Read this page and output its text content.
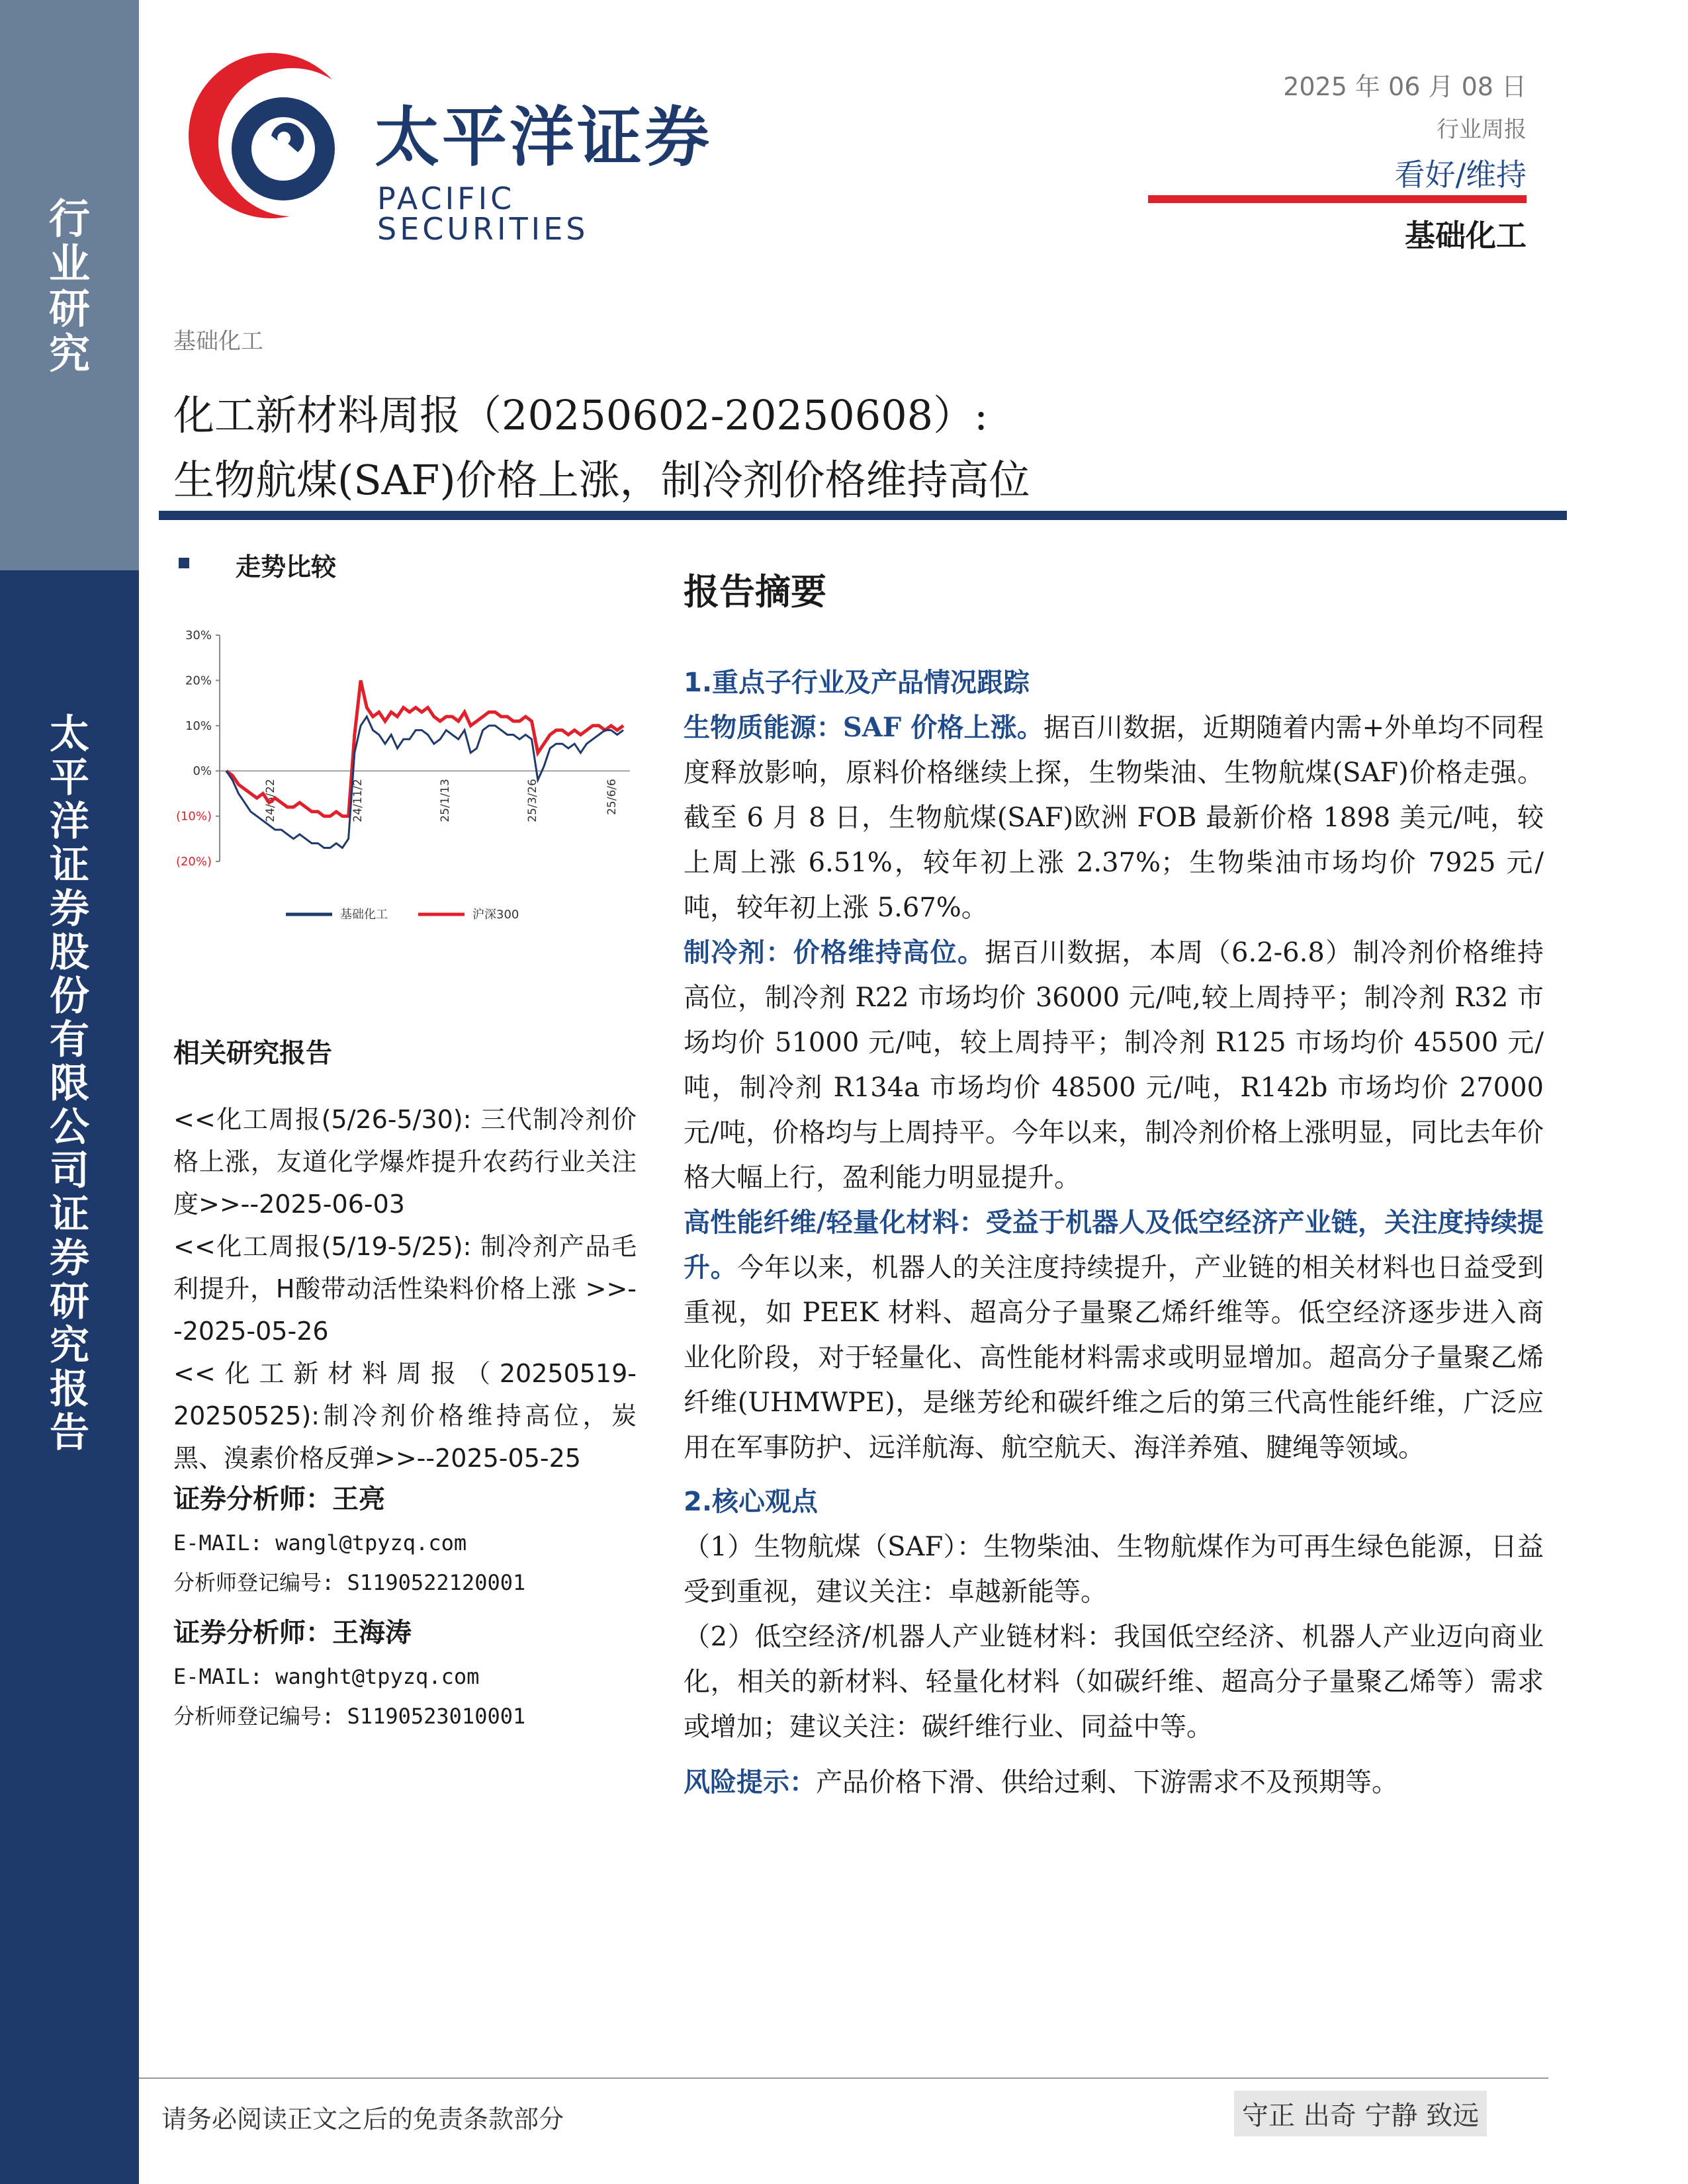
行
业
研
究
太
平
洋
证
券
股
份
有
限
公
司
证
券
研
究
报
告
太平洋证券
PACIFIC SECURITIES
2025 年 06 月 08 日
行业周报
看好/维持
基础化工
基础化工
化工新材料周报（20250602-20250608）:
生物航煤(SAF)价格上涨，制冷剂价格维持高位
走势比较
30%
20%
10%
0%
(10%)
(20%)
24/6/22	24/11/2	25/1/13	25/3/26	25/6/6
基础化工	沪深300
相关研究报告

<<化工周报(5/26-5/30): 三代制冷剂价格上涨，友道化学爆炸提升农药行业关注度>>--2025-06-03

<<化工周报(5/19-5/25): 制冷剂产品毛利提升，H酸带动活性染料价格上涨 >>--2025-05-26

<<化工新材料周报（20250519-20250525):制冷剂价格维持高位，炭黑、溴素价格反弹>>--2025-05-25

证券分析师：王亮
E-MAIL: wangl@tpyzq.com
分析师登记编号: S1190522120001
证券分析师：王海涛
E-MAIL: wanght@tpyzq.com
分析师登记编号: S1190523010001
报告摘要
1.重点子行业及产品情况跟踪

生物质能源：SAF 价格上涨。据百川数据，近期随着内需+外单均不同程度释放影响，原料价格继续上探，生物柴油、生物航煤(SAF)价格走强。截至 6 月 8 日，生物航煤(SAF)欧洲 FOB 最新价格 1898 美元/吨，较上周上涨 6.51%，较年初上涨 2.37%；生物柴油市场均价 7925 元/吨，较年初上涨 5.67%。

制冷剂：价格维持高位。据百川数据，本周（6.2-6.8）制冷剂价格维持高位，制冷剂 R22 市场均价 36000 元/吨,较上周持平；制冷剂 R32 市场均价 51000 元/吨，较上周持平；制冷剂 R125 市场均价 45500 元/吨，制冷剂 R134a 市场均价 48500 元/吨，R142b 市场均价 27000 元/吨，价格均与上周持平。今年以来，制冷剂价格上涨明显，同比去年价格大幅上行，盈利能力明显提升。

高性能纤维/轻量化材料：受益于机器人及低空经济产业链，关注度持续提升。今年以来，机器人的关注度持续提升，产业链的相关材料也日益受到重视，如 PEEK 材料、超高分子量聚乙烯纤维等。低空经济逐步进入商业化阶段，对于轻量化、高性能材料需求或明显增加。超高分子量聚乙烯纤维(UHMWPE)，是继芳纶和碳纤维之后的第三代高性能纤维，广泛应用在军事防护、远洋航海、航空航天、海洋养殖、腱绳等领域。

2.核心观点

（1）生物航煤（SAF）：生物柴油、生物航煤作为可再生绿色能源，日益受到重视，建议关注：卓越新能等。

（2）低空经济/机器人产业链材料：我国低空经济、机器人产业迈向商业化，相关的新材料、轻量化材料（如碳纤维、超高分子量聚乙烯等）需求或增加；建议关注：碳纤维行业、同益中等。

风险提示：产品价格下滑、供给过剩、下游需求不及预期等。

请务必阅读正文之后的免责条款部分	守正 出奇 宁静 致远
